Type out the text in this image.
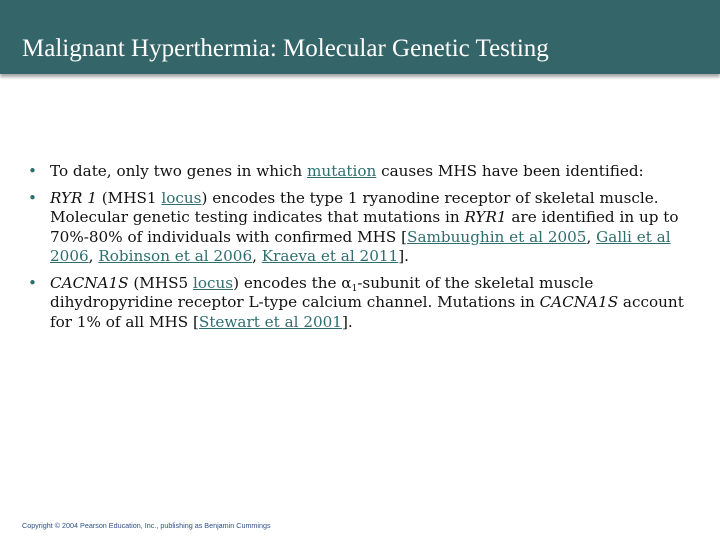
Malignant Hyperthermia: Molecular Genetic Testing
• To date, only two genes in which mutation causes MHS have been identified:
• RYR 1 (MHS1 locus) encodes the type 1 ryanodine receptor of skeletal muscle. Molecular genetic testing indicates that mutations in RYR1 are identified in up to 70%-80% of individuals with confirmed MHS [Sambuughin et al 2005, Galli et al 2006, Robinson et al 2006, Kraeva et al 2011].
• CACNA1S (MHS5 locus) encodes the $\alpha_1$-subunit of the skeletal muscle dihydropyridine receptor L-type calcium channel. Mutations in CACNA1S account for 1% of all MHS [Stewart et al 2001].
Copyright © 2004 Pearson Education, Inc., publishing as Benjamin Cummings
